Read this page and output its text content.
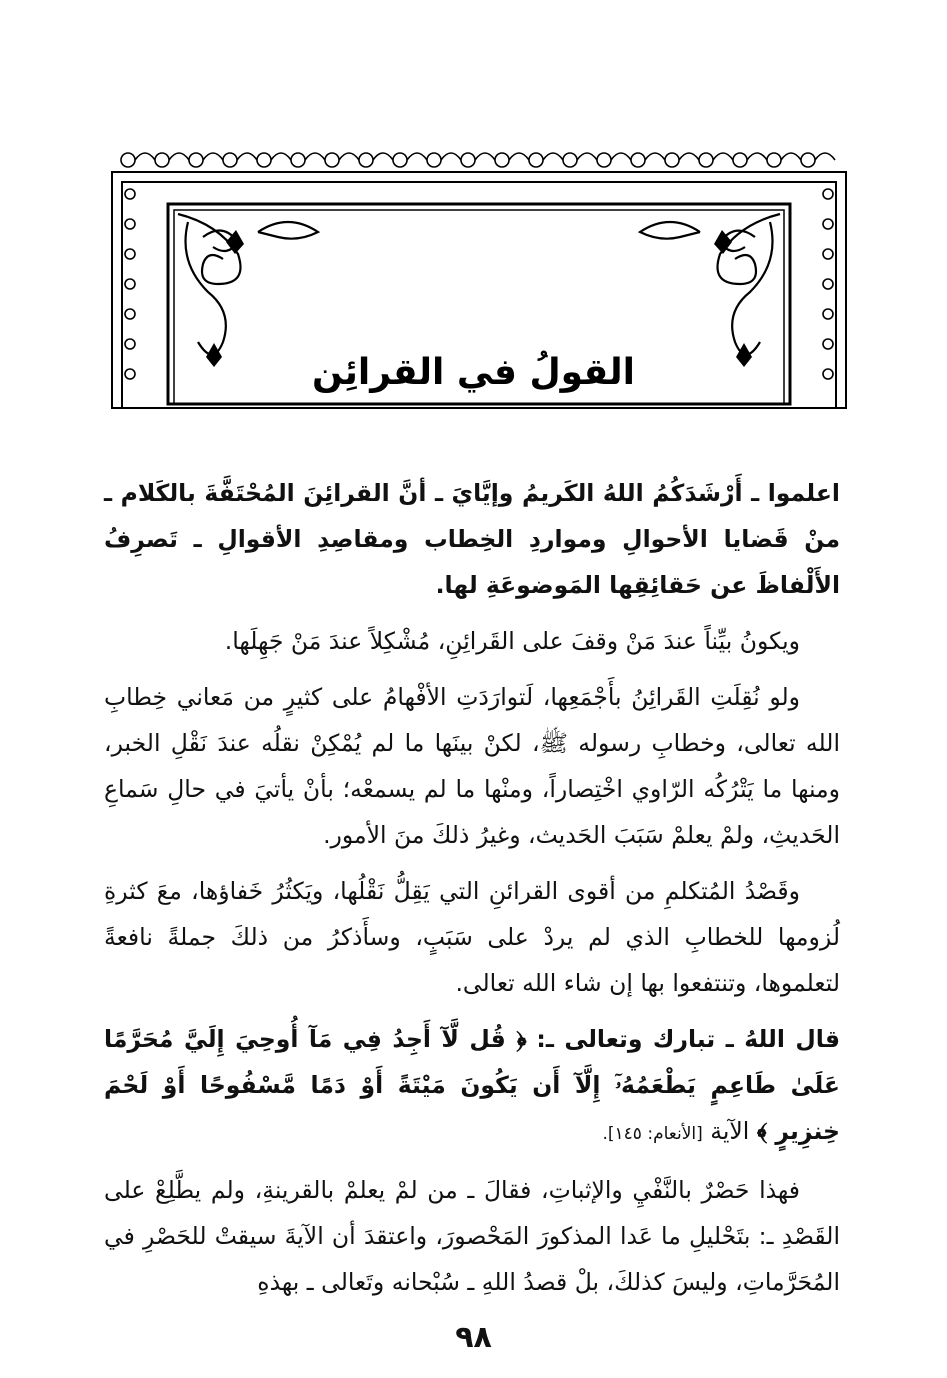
القولُ في القرائِن

اعلموا ـ أَرْشَدَكُمُ اللهُ الكَريمُ وإيَّايَ ـ أنَّ القرائِنَ المُحْتَفَّةَ بالكَلام ـ منْ قَضايا الأحوالِ ومواردِ الخِطاب ومقاصِدِ الأقوالِ ـ تَصرِفُ الأَلْفاظَ عن حَقائِقِها المَوضوعَةِ لها.

ويكونُ بيِّناً عندَ مَنْ وقفَ على القَرائِنِ، مُشْكِلاً عندَ مَنْ جَهِلَها.

ولو نُقِلَتِ القَرائِنُ بأَجْمَعِها، لَتوارَدَتِ الأفْهامُ على كثيرٍ من مَعاني خِطابِ الله تعالى، وخطابِ رسوله ﷺ، لكنْ بينَها ما لم يُمْكِنْ نقلُه عندَ نَقْلِ الخبر، ومنها ما يَتْرُكُه الرّاوي اخْتِصاراً، ومنْها ما لم يسمعْه؛ بأنْ يأتيَ في حالِ سَماعِ الحَديثِ، ولمْ يعلمْ سَبَبَ الحَديث، وغيرُ ذلكَ منَ الأمور.

وقَصْدُ المُتكلمِ من أقوى القرائنِ التي يَقِلُّ نَقْلُها، ويَكثُرُ خَفاؤها، معَ كثرةِ لُزومها للخطابِ الذي لم يردْ على سَبَبٍ، وسأَذكرُ من ذلكَ جملةً نافعةً لتعلموها، وتنتفعوا بها إن شاء الله تعالى.

قال اللهُ ـ تبارك وتعالى ـ: ﴿ قُل لَّآ أَجِدُ فِي مَآ أُوحِيَ إِلَيَّ مُحَرَّمًا عَلَىٰ طَاعِمٍ يَطْعَمُهُۥٓ إِلَّآ أَن يَكُونَ مَيْتَةً أَوْ دَمًا مَّسْفُوحًا أَوْ لَحْمَ خِنزِيرٍ ﴾ الآية [الأنعام: ١٤٥].

فهذا حَصْرٌ بالنَّفْيِ والإثباتِ، فقالَ ـ من لمْ يعلمْ بالقرينةِ، ولم يطَّلِعْ على القَصْدِ ـ: بتَحْليلِ ما عَدا المذكورَ المَحْصورَ، واعتقدَ أن الآيةَ سيقتْ للحَصْرِ في المُحَرَّماتِ، وليسَ كذلكَ، بلْ قصدُ اللهِ ـ سُبْحانه وتَعالى ـ بهذهِ

٩٨
